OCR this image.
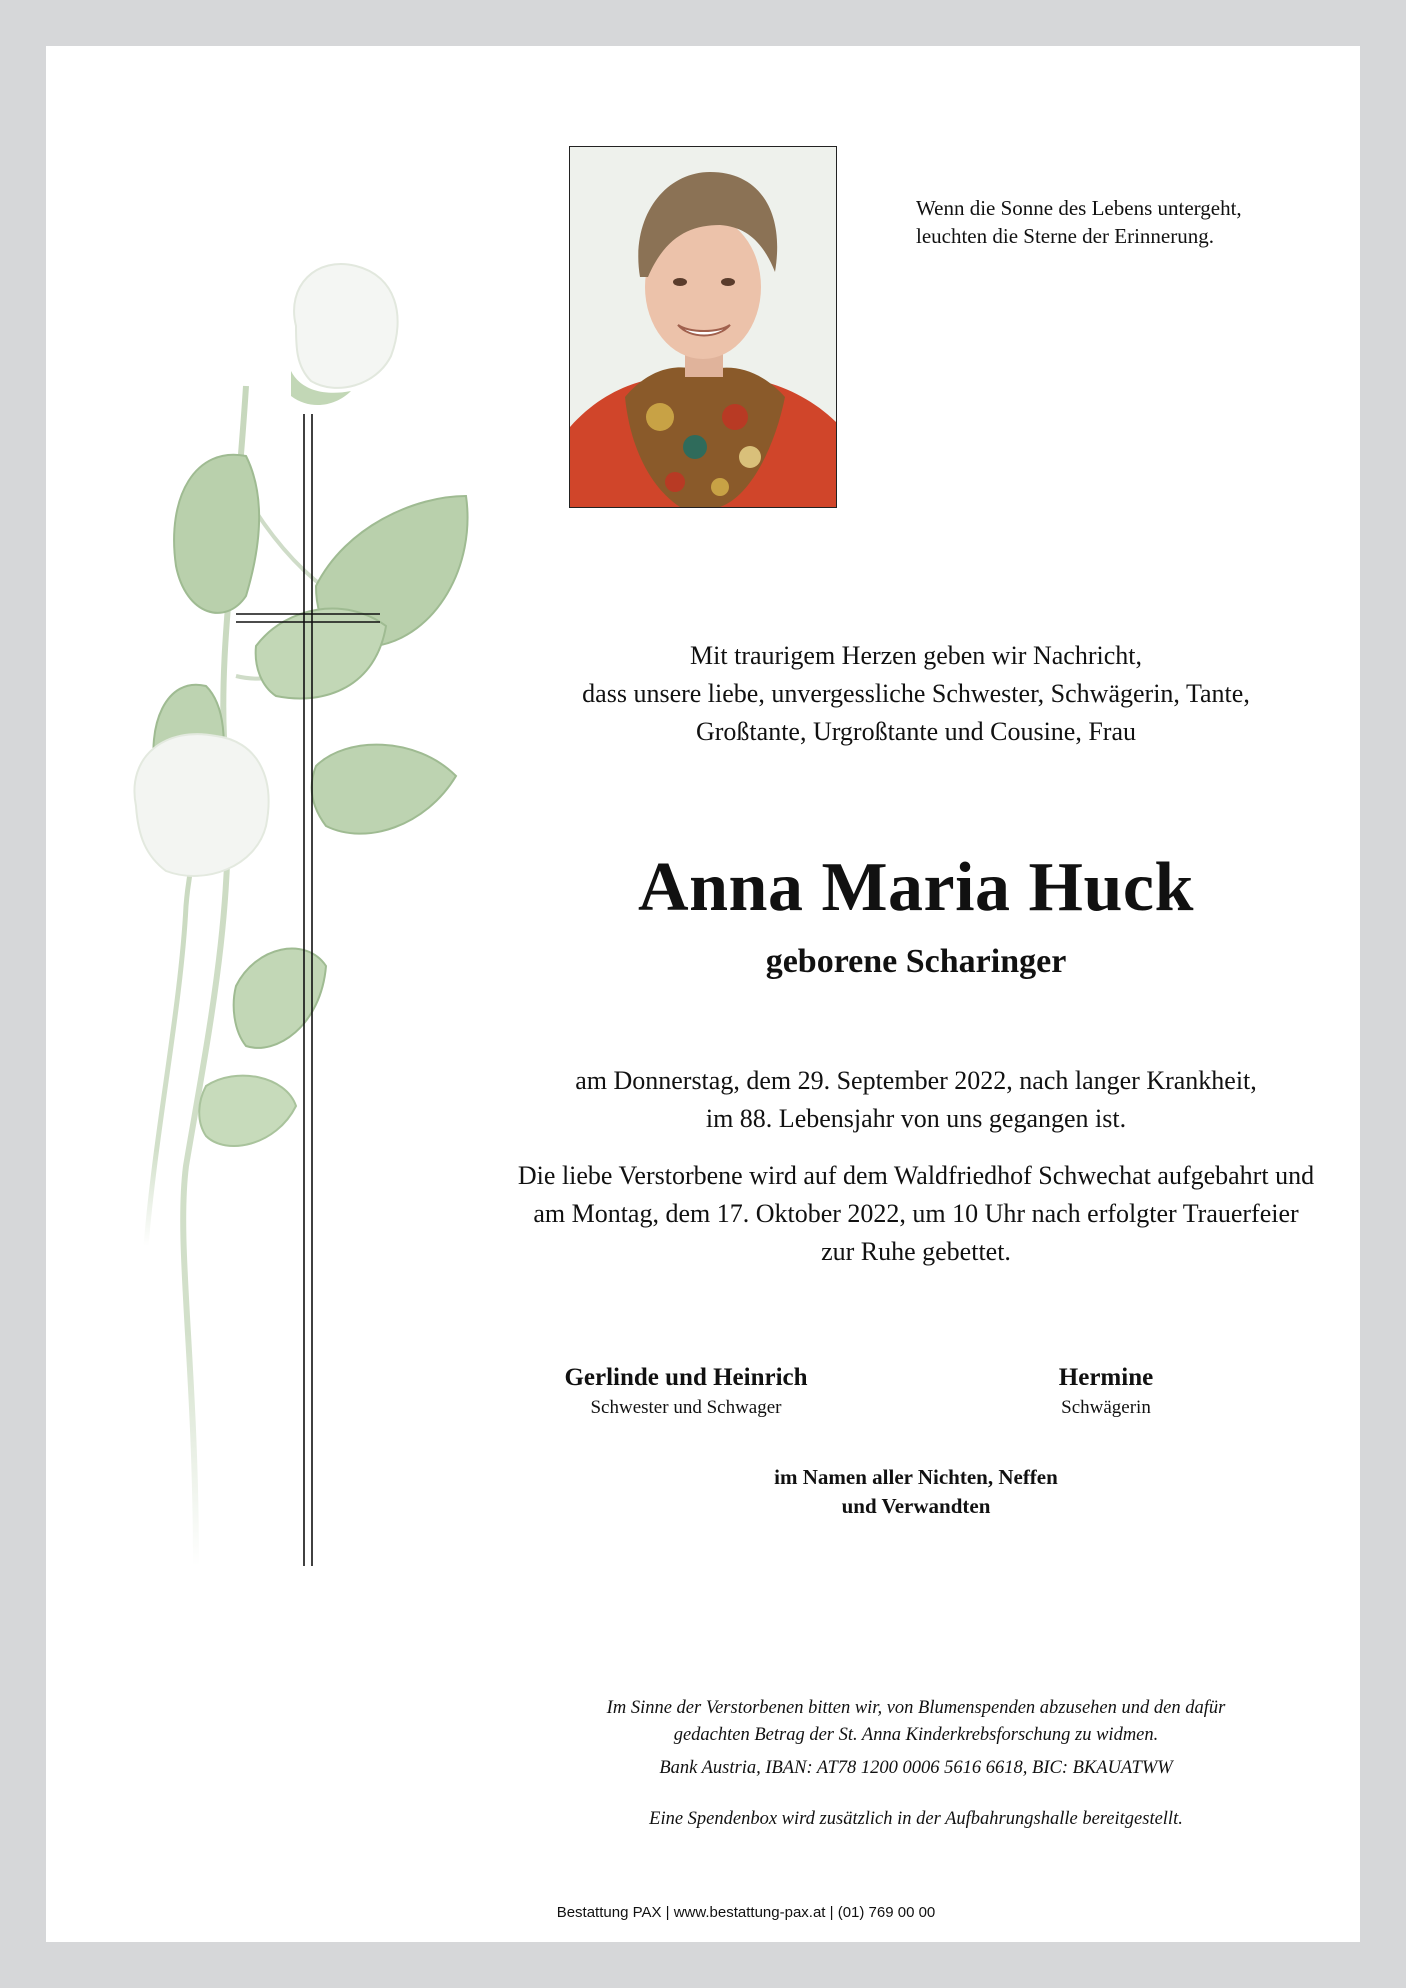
Wenn die Sonne des Lebens untergeht,
leuchten die Sterne der Erinnerung.
Mit traurigem Herzen geben wir Nachricht,
dass unsere liebe, unvergessliche Schwester, Schwägerin, Tante,
Großtante, Urgroßtante und Cousine, Frau
Anna Maria Huck
geborene Scharinger
am Donnerstag, dem 29. September 2022, nach langer Krankheit,
im 88. Lebensjahr von uns gegangen ist.
Die liebe Verstorbene wird auf dem Waldfriedhof Schwechat aufgebahrt und
am Montag, dem 17. Oktober 2022, um 10 Uhr nach erfolgter Trauerfeier
zur Ruhe gebettet.
Gerlinde und Heinrich
Schwester und Schwager
Hermine
Schwägerin
im Namen aller Nichten, Neffen
und Verwandten

Im Sinne der Verstorbenen bitten wir, von Blumenspenden abzusehen und den dafür

gedachten Betrag der St. Anna Kinderkrebsforschung zu widmen.

Bank Austria, IBAN: AT78 1200 0006 5616 6618, BIC: BKAUATWW

Eine Spendenbox wird zusätzlich in der Aufbahrungshalle bereitgestellt.

Bestattung PAX | www.bestattung-pax.at | (01) 769 00 00
